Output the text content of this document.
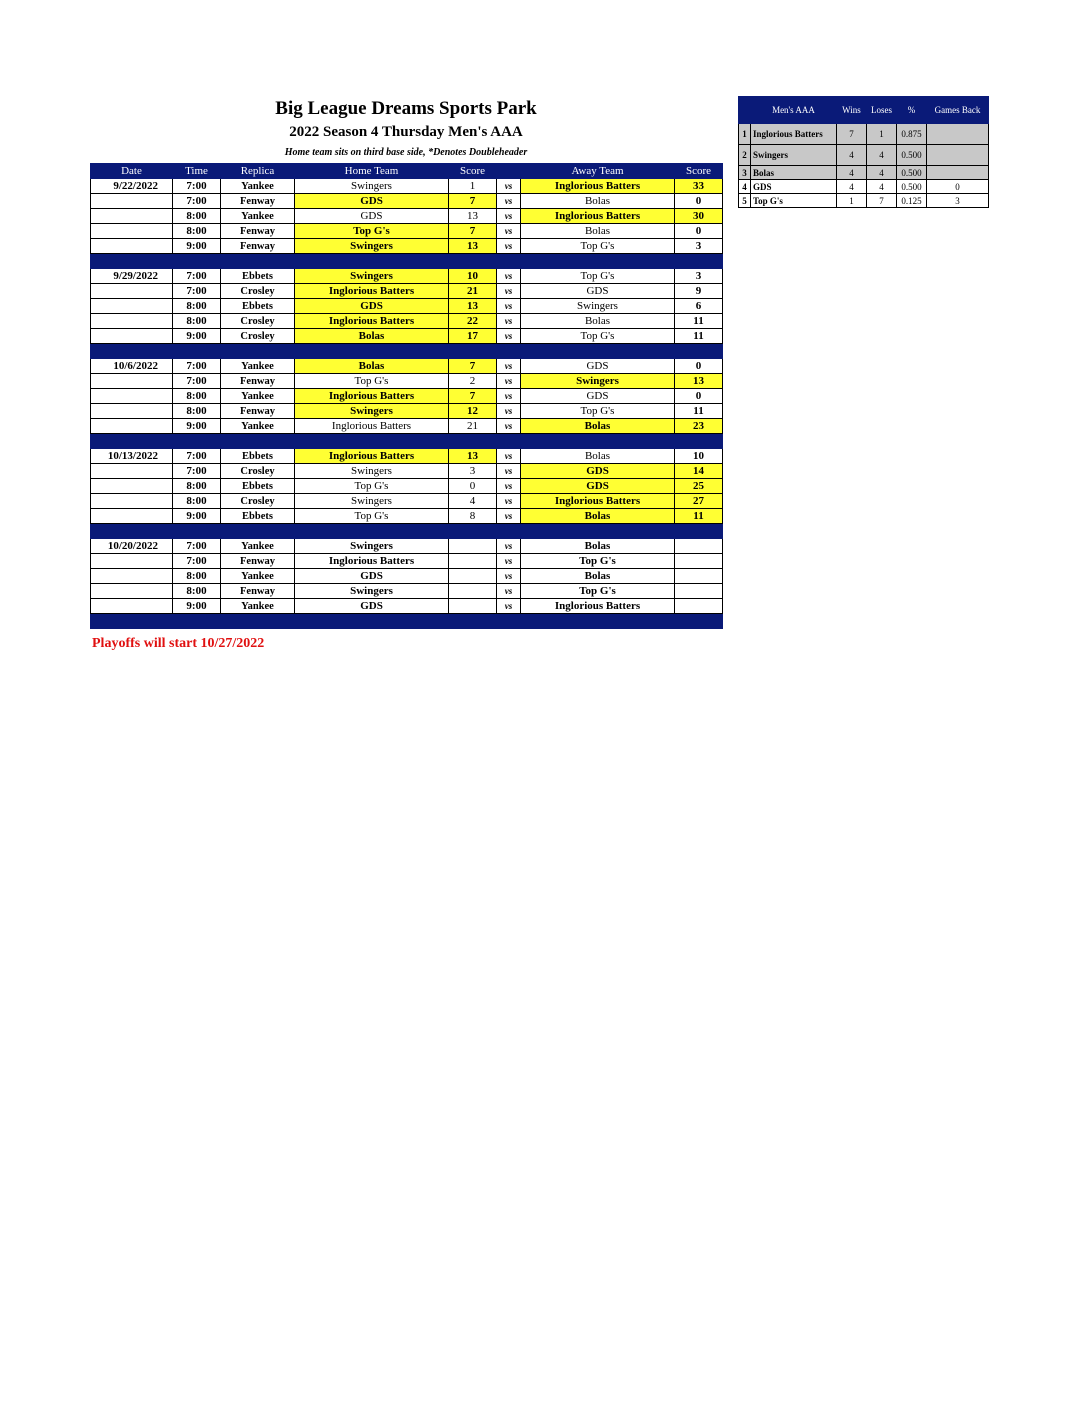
Big League Dreams Sports Park
2022 Season 4 Thursday Men's AAA
Home team sits on third base side, *Denotes Doubleheader
Date	Time	Replica	Home Team	Score		Away Team	Score
9/22/2022	7:00	Yankee	Swingers	1	vs	Inglorious Batters	33
	7:00	Fenway	GDS	7	vs	Bolas	0
	8:00	Yankee	GDS	13	vs	Inglorious Batters	30
	8:00	Fenway	Top G's	7	vs	Bolas	0
	9:00	Fenway	Swingers	13	vs	Top G's	3

9/29/2022	7:00	Ebbets	Swingers	10	vs	Top G's	3
	7:00	Crosley	Inglorious Batters	21	vs	GDS	9
	8:00	Ebbets	GDS	13	vs	Swingers	6
	8:00	Crosley	Inglorious Batters	22	vs	Bolas	11
	9:00	Crosley	Bolas	17	vs	Top G's	11

10/6/2022	7:00	Yankee	Bolas	7	vs	GDS	0
	7:00	Fenway	Top G's	2	vs	Swingers	13
	8:00	Yankee	Inglorious Batters	7	vs	GDS	0
	8:00	Fenway	Swingers	12	vs	Top G's	11
	9:00	Yankee	Inglorious Batters	21	vs	Bolas	23

10/13/2022	7:00	Ebbets	Inglorious Batters	13	vs	Bolas	10
	7:00	Crosley	Swingers	3	vs	GDS	14
	8:00	Ebbets	Top G's	0	vs	GDS	25
	8:00	Crosley	Swingers	4	vs	Inglorious Batters	27
	9:00	Ebbets	Top G's	8	vs	Bolas	11

10/20/2022	7:00	Yankee	Swingers		vs	Bolas	
	7:00	Fenway	Inglorious Batters		vs	Top G's	
	8:00	Yankee	GDS		vs	Bolas	
	8:00	Fenway	Swingers		vs	Top G's	
	9:00	Yankee	GDS		vs	Inglorious Batters	

Playoffs will start 10/27/2022
	Men's AAA	Wins	Loses	%	Games Back
1	Inglorious Batters	7	1	0.875	
2	Swingers	4	4	0.500	
3	Bolas	4	4	0.500	
4	GDS	4	4	0.500	0
5	Top G's	1	7	0.125	3
